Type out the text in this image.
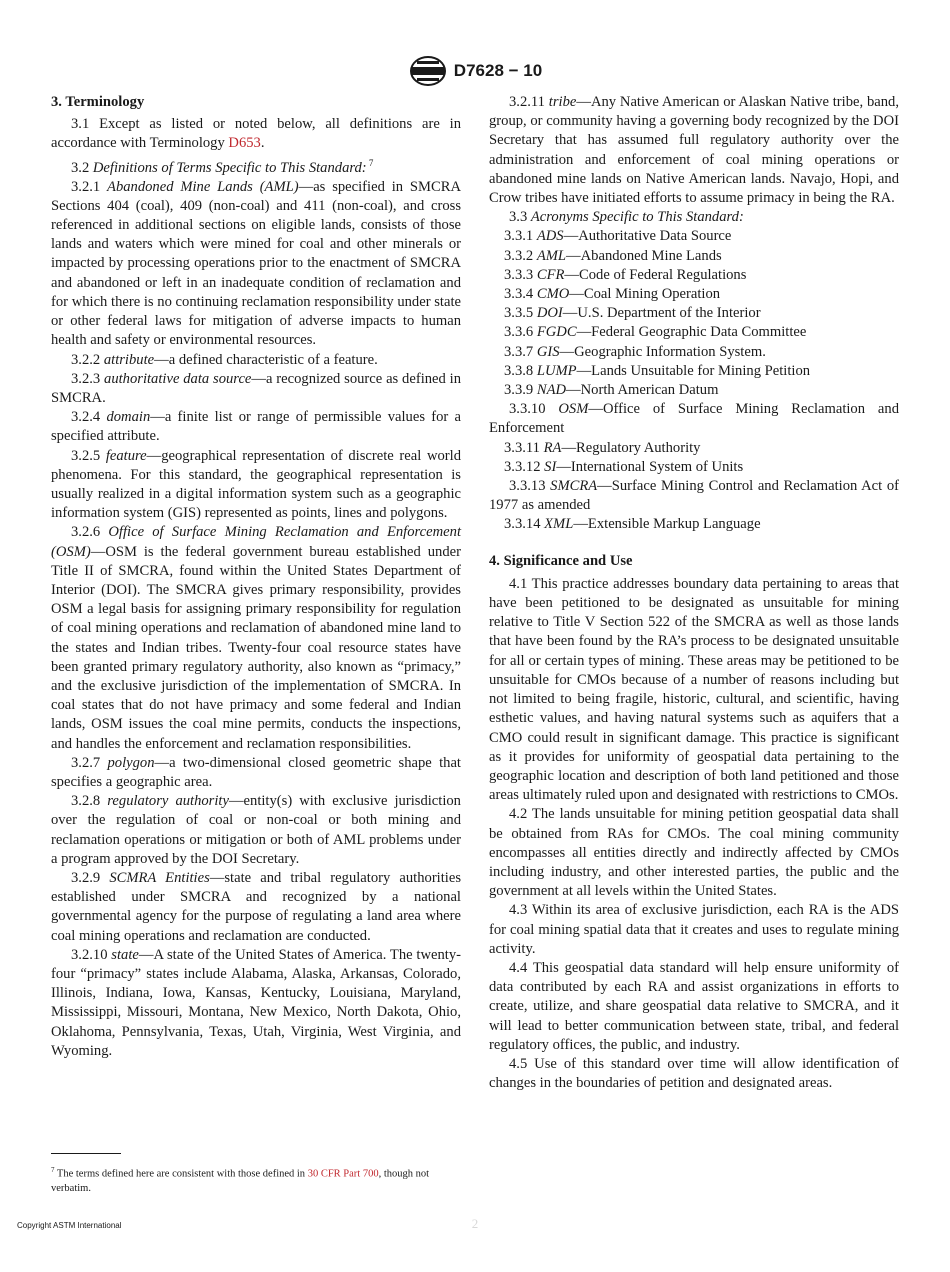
D7628 − 10
3. Terminology

3.1 Except as listed or noted below, all definitions are in accordance with Terminology D653.

3.2 Definitions of Terms Specific to This Standard: $^7$

3.2.1 Abandoned Mine Lands (AML)—as specified in SMCRA Sections 404 (coal), 409 (non-coal) and 411 (non-coal), and cross referenced in additional sections on eligible lands, consists of those lands and waters which were mined for coal and other minerals or impacted by processing operations prior to the enactment of SMCRA and abandoned or left in an inadequate condition of reclamation and for which there is no continuing reclamation responsibility under state or other federal laws for mitigation of adverse impacts to human health and safety or environmental resources.

3.2.2 attribute—a defined characteristic of a feature.

3.2.3 authoritative data source—a recognized source as defined in SMCRA.

3.2.4 domain—a finite list or range of permissible values for a specified attribute.

3.2.5 feature—geographical representation of discrete real world phenomena. For this standard, the geographical representation is usually realized in a digital information system such as a geographic information system (GIS) represented as points, lines and polygons.

3.2.6 Office of Surface Mining Reclamation and Enforcement (OSM)—OSM is the federal government bureau established under Title II of SMCRA, found within the United States Department of Interior (DOI). The SMCRA gives primary responsibility, provides OSM a legal basis for assigning primary responsibility for regulation of coal mining operations and reclamation of abandoned mine land to the states and Indian tribes. Twenty-four coal resource states have been granted primary regulatory authority, also known as “primacy,” and the exclusive jurisdiction of the implementation of SMCRA. In coal states that do not have primacy and some federal and Indian lands, OSM issues the coal mine permits, conducts the inspections, and handles the enforcement and reclamation responsibilities.

3.2.7 polygon—a two-dimensional closed geometric shape that specifies a geographic area.

3.2.8 regulatory authority—entity(s) with exclusive jurisdiction over the regulation of coal or non-coal or both mining and reclamation operations or mitigation or both of AML problems under a program approved by the DOI Secretary.

3.2.9 SCMRA Entities—state and tribal regulatory authorities established under SMCRA and recognized by a national governmental agency for the purpose of regulating a land area where coal mining operations and reclamation are conducted.

3.2.10 state—A state of the United States of America. The twenty-four “primacy” states include Alabama, Alaska, Arkansas, Colorado, Illinois, Indiana, Iowa, Kansas, Kentucky, Louisiana, Maryland, Mississippi, Missouri, Montana, New Mexico, North Dakota, Ohio, Oklahoma, Pennsylvania, Texas, Utah, Virginia, West Virginia, and Wyoming.

3.2.11 tribe—Any Native American or Alaskan Native tribe, band, group, or community having a governing body recognized by the DOI Secretary that has assumed full regulatory authority over the administration and enforcement of coal mining operations or abandoned mine lands on Native American lands. Navajo, Hopi, and Crow tribes have initiated efforts to assume primacy in being the RA.

3.3 Acronyms Specific to This Standard:

3.3.1 ADS—Authoritative Data Source

3.3.2 AML—Abandoned Mine Lands

3.3.3 CFR—Code of Federal Regulations

3.3.4 CMO—Coal Mining Operation

3.3.5 DOI—U.S. Department of the Interior

3.3.6 FGDC—Federal Geographic Data Committee

3.3.7 GIS—Geographic Information System.

3.3.8 LUMP—Lands Unsuitable for Mining Petition

3.3.9 NAD—North American Datum

3.3.10 OSM—Office of Surface Mining Reclamation and Enforcement

3.3.11 RA—Regulatory Authority

3.3.12 SI—International System of Units

3.3.13 SMCRA—Surface Mining Control and Reclamation Act of 1977 as amended

3.3.14 XML—Extensible Markup Language

4. Significance and Use

4.1 This practice addresses boundary data pertaining to areas that have been petitioned to be designated as unsuitable for mining relative to Title V Section 522 of the SMCRA as well as those lands that have been found by the RA’s process to be designated unsuitable for all or certain types of mining. These areas may be petitioned to be unsuitable for CMOs because of a number of reasons including but not limited to being fragile, historic, cultural, and scientific, having esthetic values, and having natural systems such as aquifers that a CMO could result in significant damage. This practice is significant as it provides for uniformity of geospatial data pertaining to the geographic location and description of both land petitioned and those areas ultimately ruled upon and designated with restrictions to CMOs.

4.2 The lands unsuitable for mining petition geospatial data shall be obtained from RAs for CMOs. The coal mining community encompasses all entities directly and indirectly affected by CMOs including industry, and other interested parties, the public and the government at all levels within the United States.

4.3 Within its area of exclusive jurisdiction, each RA is the ADS for coal mining spatial data that it creates and uses to regulate mining activity.

4.4 This geospatial data standard will help ensure uniformity of data contributed by each RA and assist organizations in efforts to create, utilize, and share geospatial data relative to SMCRA, and it will lead to better communication between state, tribal, and federal regulatory offices, the public, and industry.

4.5 Use of this standard over time will allow identification of changes in the boundaries of petition and designated areas.

$^7$ The terms defined here are consistent with those defined in 30 CFR Part 700, though not verbatim.
Copyright ASTM International	2
